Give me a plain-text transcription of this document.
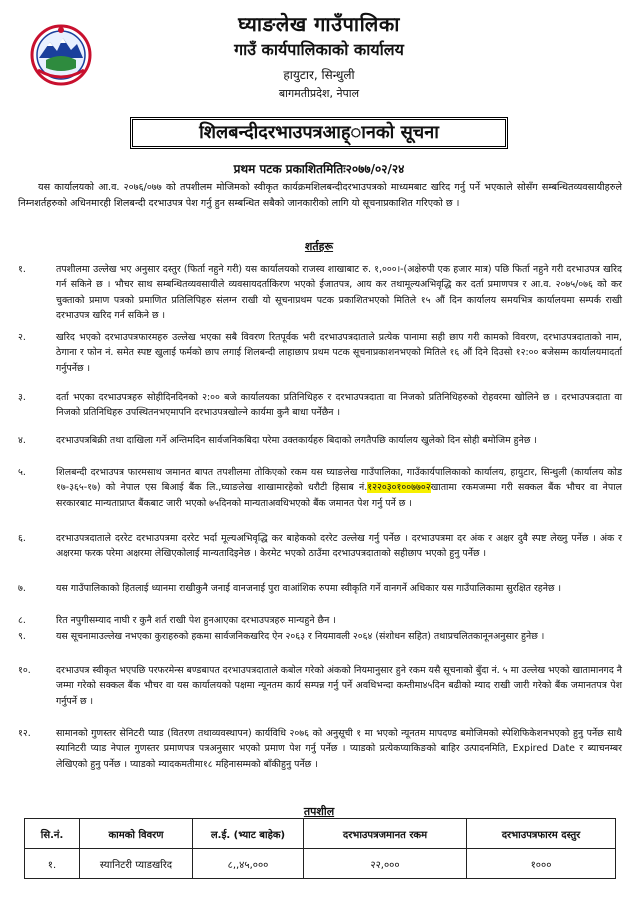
घ्याङलेख गाउँपालिका
गाउँ कार्यपालिकाको कार्यालय
हायुटार, सिन्धुली
बागमतीप्रदेश, नेपाल
शिलबन्दीदरभाउपत्रआह्ानको सूचना
प्रथम पटक प्रकाशितमितिः२०७७/०२/२४
यस कार्यालयको आ.व. २०७६/०७७ को तपशीलम मोजिमको स्वीकृत कार्यक्रमशिलबन्दीदरभाउपत्रको माध्यमबाट खरिद गर्नु पर्ने भएकाले सोसँग सम्बन्धितव्यवसायीहरुले निम्नशर्तहरुको अधिनमारही शिलबन्दी दरभाउपत्र पेश गर्नु हुन सम्बन्धित सबैको जानकारीको लागि यो सूचनाप्रकाशित गरिएको छ ।
शर्तहरू
१.	तपशीलमा उल्लेख भए अनुसार दस्तुर (फिर्ता नहुने गरी) यस कार्यालयको राजस्व शाखाबाट रु. १,०००।-(अक्षेरुपी एक हजार मात्र) पछि फिर्ता नहुने गरी दरभाउपत्र खरिद गर्न सकिने छ । भौचर साथ सम्बन्धितव्यवसायीले व्यवसायदर्ताकिरण भएको ईजातपत्र, आय कर तथामूल्यअभिवृद्धि कर दर्ता प्रमाणपत्र र आ.व. २०७५/०७६ को कर चुक्ताको प्रमाण पत्रको प्रमाणित प्रतिलिपिहरु संलग्न राखी यो सूचनाप्रथम पटक प्रकाशितभएको मितिले १५ औं दिन कार्यालय समयभित्र कार्यालयमा सम्पर्क राखी दरभाउपत्र खरिद गर्न सकिने छ ।
२.	खरिद भएको दरभाउपत्रफारमहरु उल्लेख भएका सबै विवरण रितपूर्वक भरी दरभाउपत्रदाताले प्रत्येक पानामा सही छाप गरी कामको विवरण, दरभाउपत्रदाताको नाम, ठेगाना र फोन नं. समेत स्पष्ट खुलाई फर्मको छाप लगाई शिलबन्दी लाहाछाप प्रथम पटक सूचनाप्रकाशनभएको मितिले १६ औं दिने दिउसो १२:०० बजेसम्म कार्यालयमादर्ता गर्नुपर्नेछ ।
३.	दर्ता भएका दरभाउपत्रहरु सोहीदिनदिनको २:०० बजे कार्यालयका प्रतिनिधिहरु र दरभाउपत्रदाता वा निजको प्रतिनिधिहरुको रोहवरमा खोलिने छ । दरभाउपत्रदाता वा निजको प्रतिनिधिहरु उपस्थितनभएमापनि दरभाउपत्रखोल्ने कार्यमा कुनै बाधा पर्नेछैन ।
४.	दरभाउपत्रबिक्री तथा दाखिला गर्ने अन्तिमदिन सार्वजनिकबिदा परेमा उक्तकार्यहरु बिदाको लगतैपछि कार्यालय खुलेको दिन सोही बमोजिम हुनेछ ।
५.	शिलबन्दी दरभाउपत्र फारमसाथ जमानत बापत तपशीलमा तोकिएको रकम यस घ्याङलेख गाउँपालिका, गाउँकार्यपालिकाको कार्यालय, हायुटार, सिन्धुली (कार्यालय कोड १७-३६५-१७) को नेपाल एस बिआई बैंक लि.,घ्याङलेख शाखामारहेको धरौटी हिसाब नं.१२२०३०१००७७०२खातामा रकमजम्मा गरी सक्कल बैंक भौचर वा नेपाल सरकारबाट मान्यताप्राप्त बैंकबाट जारी भएको ७५दिनको मान्यताअवधिभएको बैंक जमानत पेश गर्नु पर्ने छ ।
६.	दरभाउपत्रदाताले दररेट दरभाउपत्रमा दररेट भर्दा मूल्यअभिवृद्धि कर बाहेकको दररेट उल्लेख गर्नु पर्नेछ । दरभाउपत्रमा दर अंक र अक्षर दुवै स्पष्ट लेख्नु पर्नेछ । अंक र अक्षरमा फरक परेमा अक्षरमा लेखिएकोलाई मान्यतादिइनेछ । केरमेट भएको ठाउँमा दरभाउपत्रदाताको सहीछाप भएको हुनु पर्नेछ ।
७.	यस गाउँपालिकाको हितलाई ध्यानमा राखीकुनै जनाई वानजनाई पुरा वाआंशिक रुपमा स्वीकृति गर्ने वानगर्ने अधिकार यस गाउँपालिकामा सुरक्षित रहनेछ ।
८.	रित नपुगीसम्याद नाघी र कुनै शर्त राखी पेश हुनआएका दरभाउपत्रहरु मान्यहुने छैन ।
९.	यस सूचनामाउल्लेख नभएका कुराहरुको हकमा सार्वजनिकखरिद ऐन २०६३ र नियमावली २०६४ (संशोधन सहित) तथाप्रचलितकानूनअनुसार हुनेछ ।
१०.	दरभाउपत्र स्वीकृत भएपछि परफरमेन्स बण्डबापत दरभाउपत्रदाताले कबोल गरेको अंकको नियमानुसार हुने रकम यसै सूचनाको बुँदा नं. ५ मा उल्लेख भएको खातामानगद नै जम्मा गरेको सक्कल बैंक भौचर वा यस कार्यालयको पक्षमा न्यूनतम कार्य सम्पन्न गर्नु पर्ने अवधिभन्दा कम्तीमा४५दिन बढीको म्याद राखी जारी गरेको बैंक जमानतपत्र पेश गर्नुपर्ने छ ।
१२.	सामानको गुणस्तर सेनिटरी प्याड (वितरण तथाव्यवस्थापन) कार्यविधि २०७६ को अनुसूची १ मा भएको न्यूनतम मापदण्ड बमोजिमको स्पेशिफिकेशनभएको हुनु पर्नेछ साथै स्यानिटरी प्याड नेपाल गुणस्तर प्रमाणपत्र पत्रअनुसार भएको प्रमाण पेश गर्नु पर्नेछ । प्याडको प्रत्येकप्याकिङको बाहिर उत्पादनमिति, Expired Date र ब्याचनम्बर लेखिएको हुनु पर्नेछ । प्याडको म्यादकमतीमा१८ महिनासम्मको बाँकीहुनु पर्नेछ ।
तपशील
सि.नं.	कामको विवरण	ल.ई. (भ्याट बाहेक)	दरभाउपत्रजमानत रकम	दरभाउपत्रफारम दस्तुर
१.	स्यानिटरी प्याडखरिद	८,,४५,०००	२२,०००	१०००
